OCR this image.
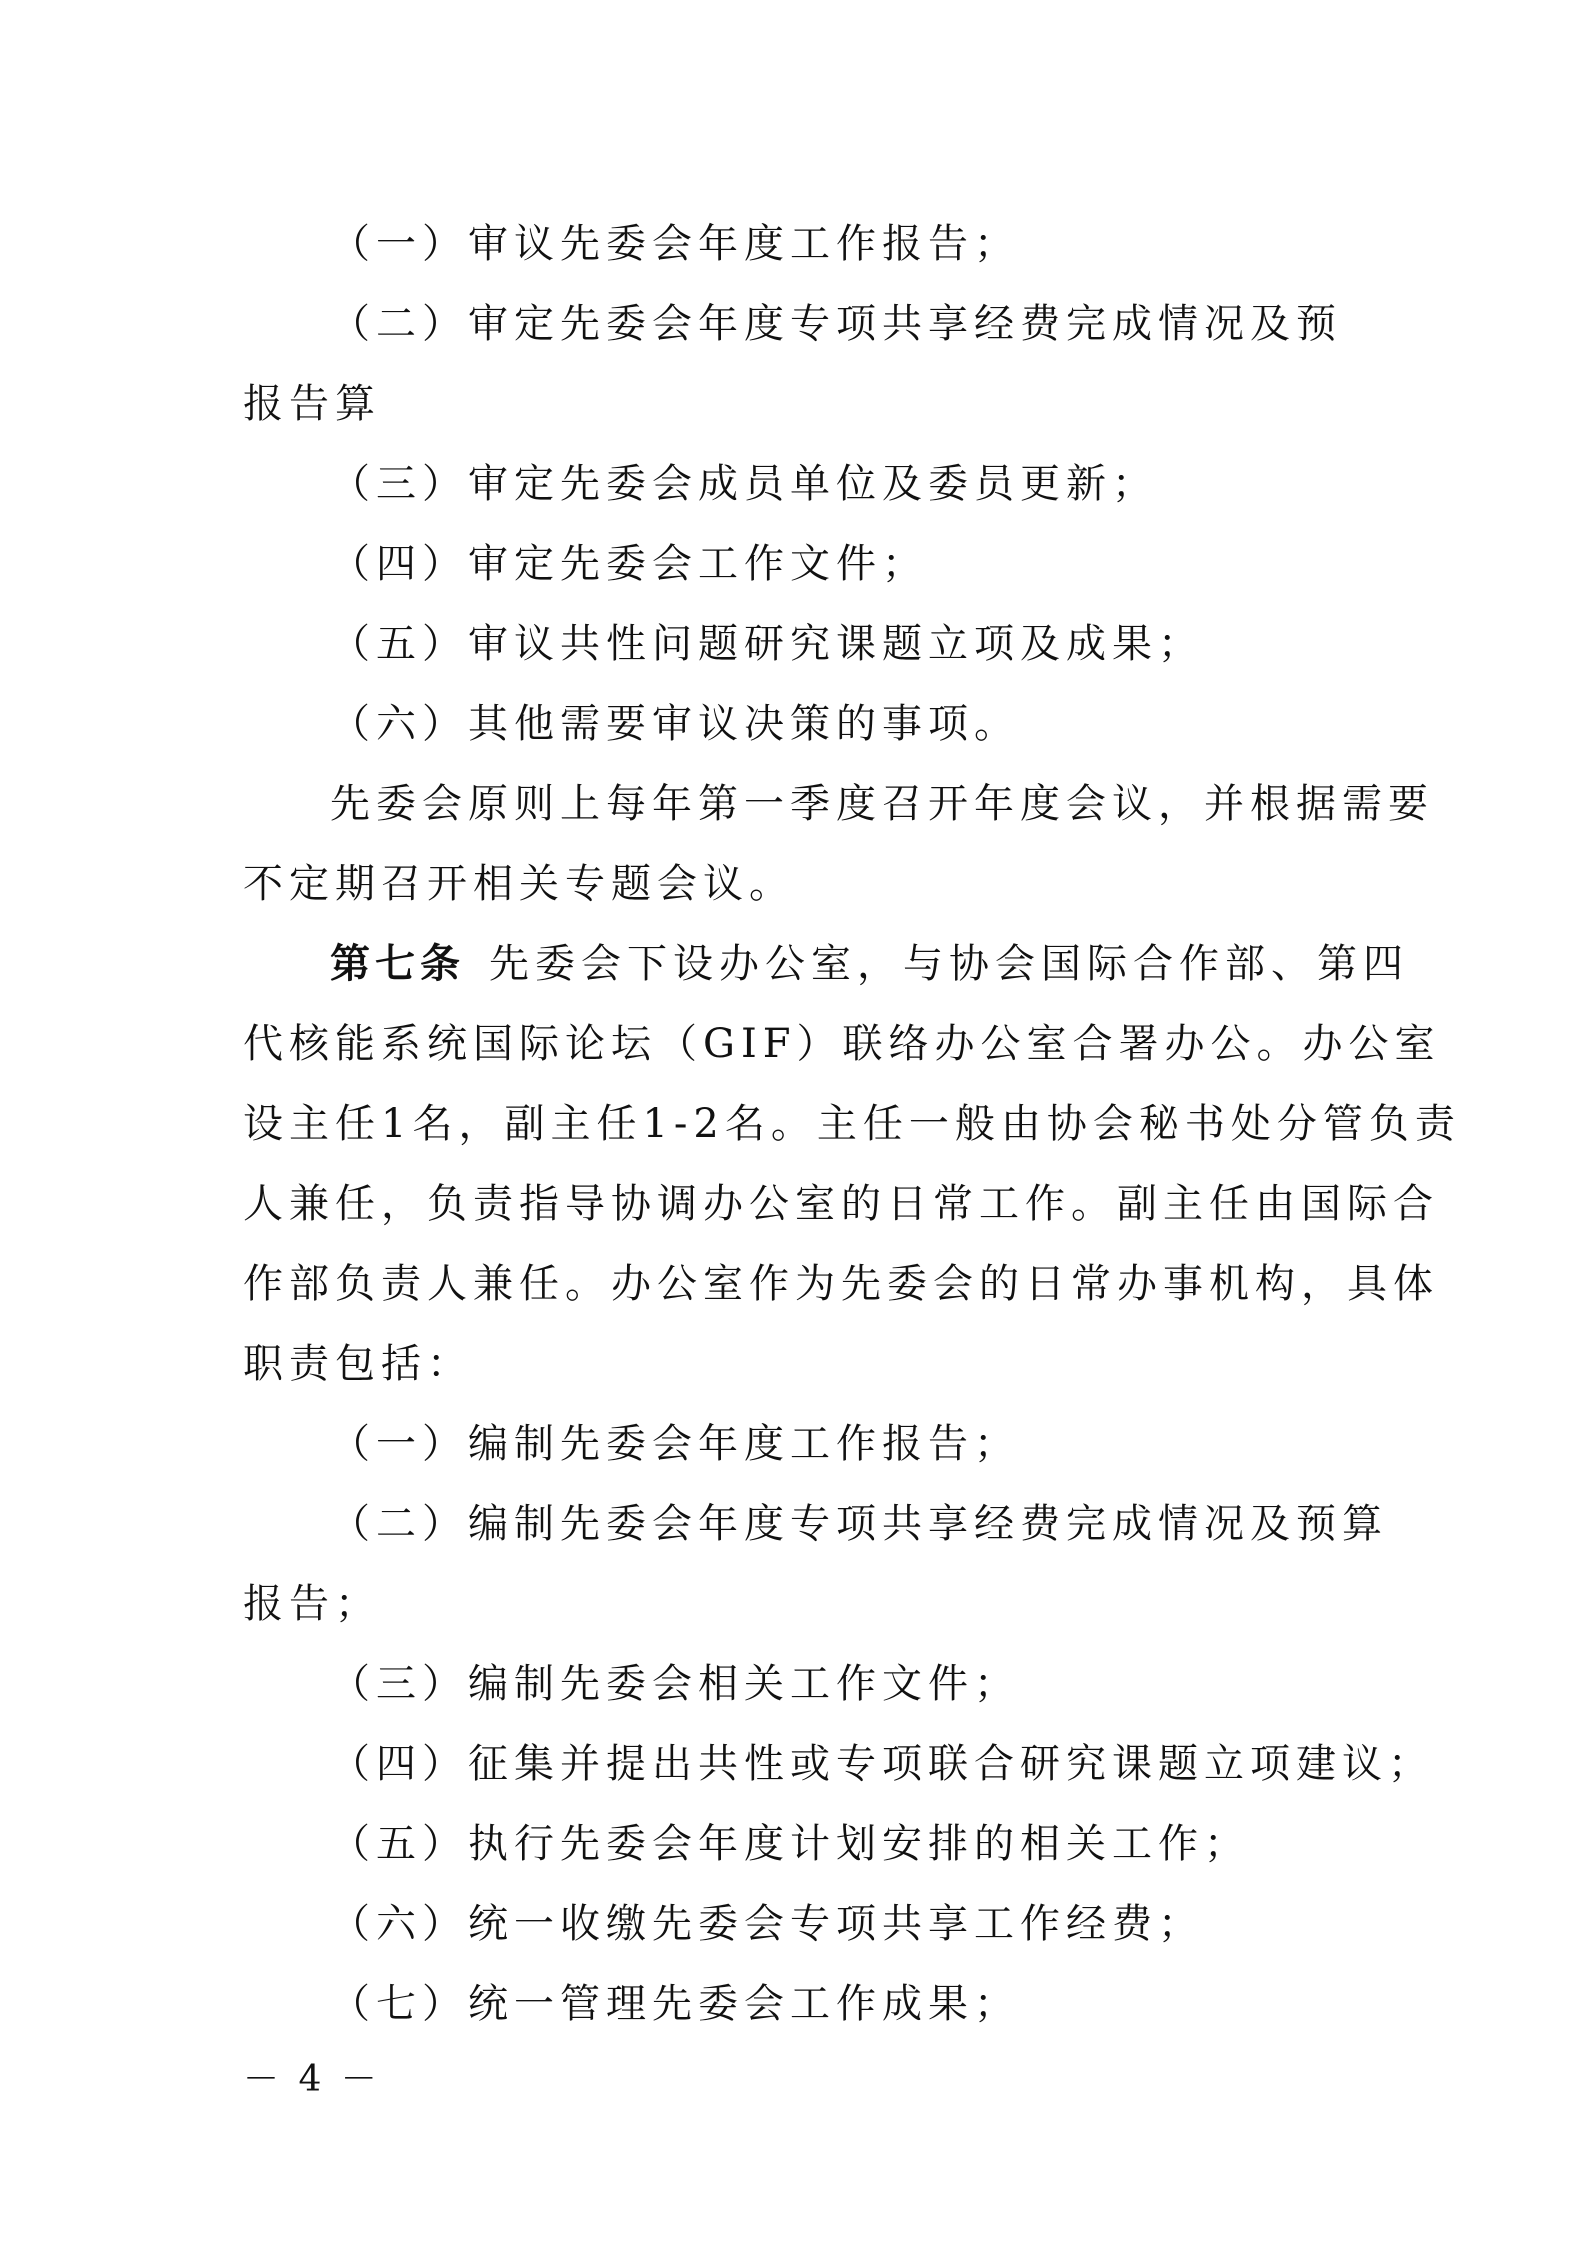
（一）审议先委会年度工作报告；

（二）审定先委会年度专项共享经费完成情况及预

报告算

（三）审定先委会成员单位及委员更新；

（四）审定先委会工作文件；

（五）审议共性问题研究课题立项及成果；

（六）其他需要审议决策的事项。

先委会原则上每年第一季度召开年度会议，并根据需要

不定期召开相关专题会议。

第七条 先委会下设办公室，与协会国际合作部、第四

代核能系统国际论坛（GIF）联络办公室合署办公。办公室

设主任1名，副主任1-2名。主任一般由协会秘书处分管负责

人兼任，负责指导协调办公室的日常工作。副主任由国际合

作部负责人兼任。办公室作为先委会的日常办事机构，具体

职责包括：

（一）编制先委会年度工作报告；

（二）编制先委会年度专项共享经费完成情况及预算

报告；

（三）编制先委会相关工作文件；

（四）征集并提出共性或专项联合研究课题立项建议；

（五）执行先委会年度计划安排的相关工作；

（六）统一收缴先委会专项共享工作经费；

（七）统一管理先委会工作成果；

－ 4 －
